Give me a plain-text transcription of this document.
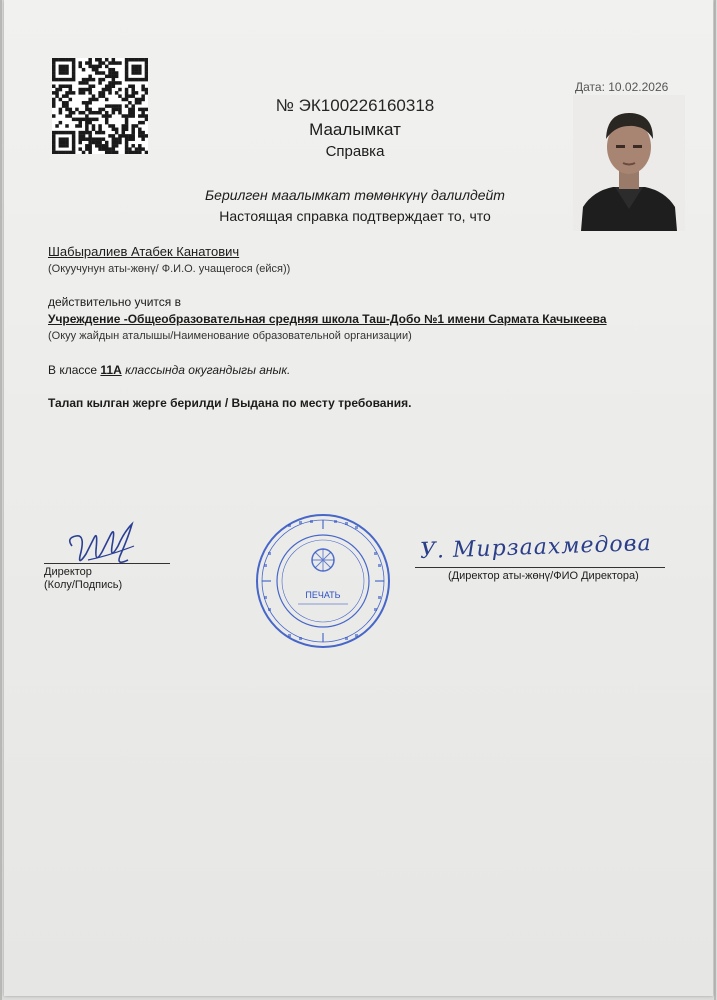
№ ЭК100226160318
Маалымкат
Справка
Дата: 10.02.2026
Берилген маалымкат төмөнкүнү далилдейт
Настоящая справка подтверждает то, что
Шабыралиев Атабек Канатович
(Окуучунун аты-жөнү/ Ф.И.О. учащегося (ейся))
действительно учится в
Учреждение -Общеобразовательная средняя школа Таш-Добо №1 имени Сармата Качыкеева
(Окуу жайдын аталышы/Наименование образовательной организации)
В классе 11А классында окугандыгы анык.
Талап кылган жерге берилди / Выдана по месту требования.
Директор
(Колу/Подпись)
ПЕЧАТЬ
У. Мирзаахмедова
(Директор аты-жөнү/ФИО Директора)
